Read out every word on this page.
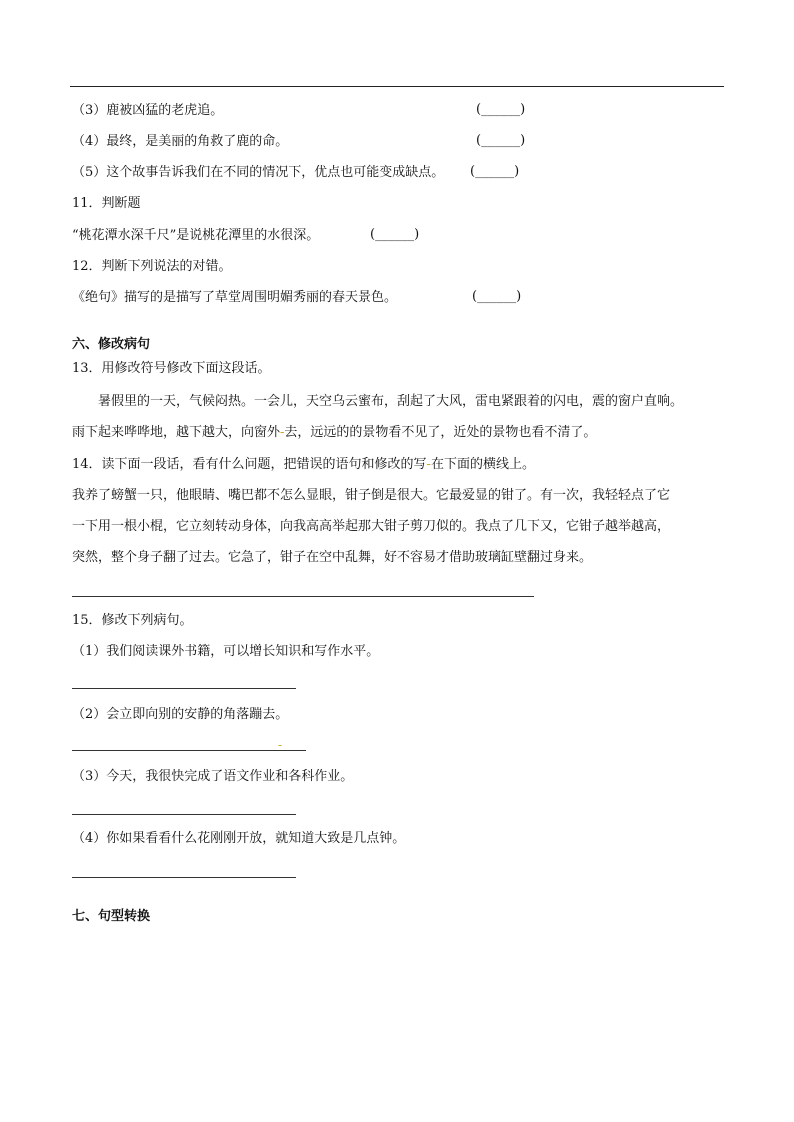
（3）鹿被凶猛的老虎追。	(______)
（4）最终，是美丽的角救了鹿的命。	(______)
（5）这个故事告诉我们在不同的情况下，优点也可能变成缺点。 (______)
11．判断题
“桃花潭水深千尺”是说桃花潭里的水很深。	(______)
12．判断下列说法的对错。
《绝句》描写的是描写了草堂周围明媚秀丽的春天景色。	(______)
六、修改病句
13．用修改符号修改下面这段话。
暑假里的一天，气候闷热。一会儿，天空乌云蜜布，刮起了大风，雷电紧跟着的闪电，震的窗户直响。
雨下起来哗哗地，越下越大，向窗外-去，远远的的景物看不见了，近处的景物也看不清了。
14．读下面一段话，看有什么问题，把错误的语句和修改的写-在下面的横线上。
我养了螃蟹一只，他眼睛、嘴巴都不怎么显眼，钳子倒是很大。它最爱显的钳了。有一次，我轻轻点了它
一下用一根小棍，它立刻转动身体，向我高高举起那大钳子剪刀似的。我点了几下又，它钳子越举越高，
突然，整个身子翻了过去。它急了，钳子在空中乱舞，好不容易才借助玻璃缸壁翻过身来。
15．修改下列病句。
（1）我们阅读课外书籍，可以增长知识和写作水平。
（2）会立即向别的安静的角落蹦去。
-
（3）今天，我很快完成了语文作业和各科作业。
（4）你如果看看什么花刚刚开放，就知道大致是几点钟。
七、句型转换
